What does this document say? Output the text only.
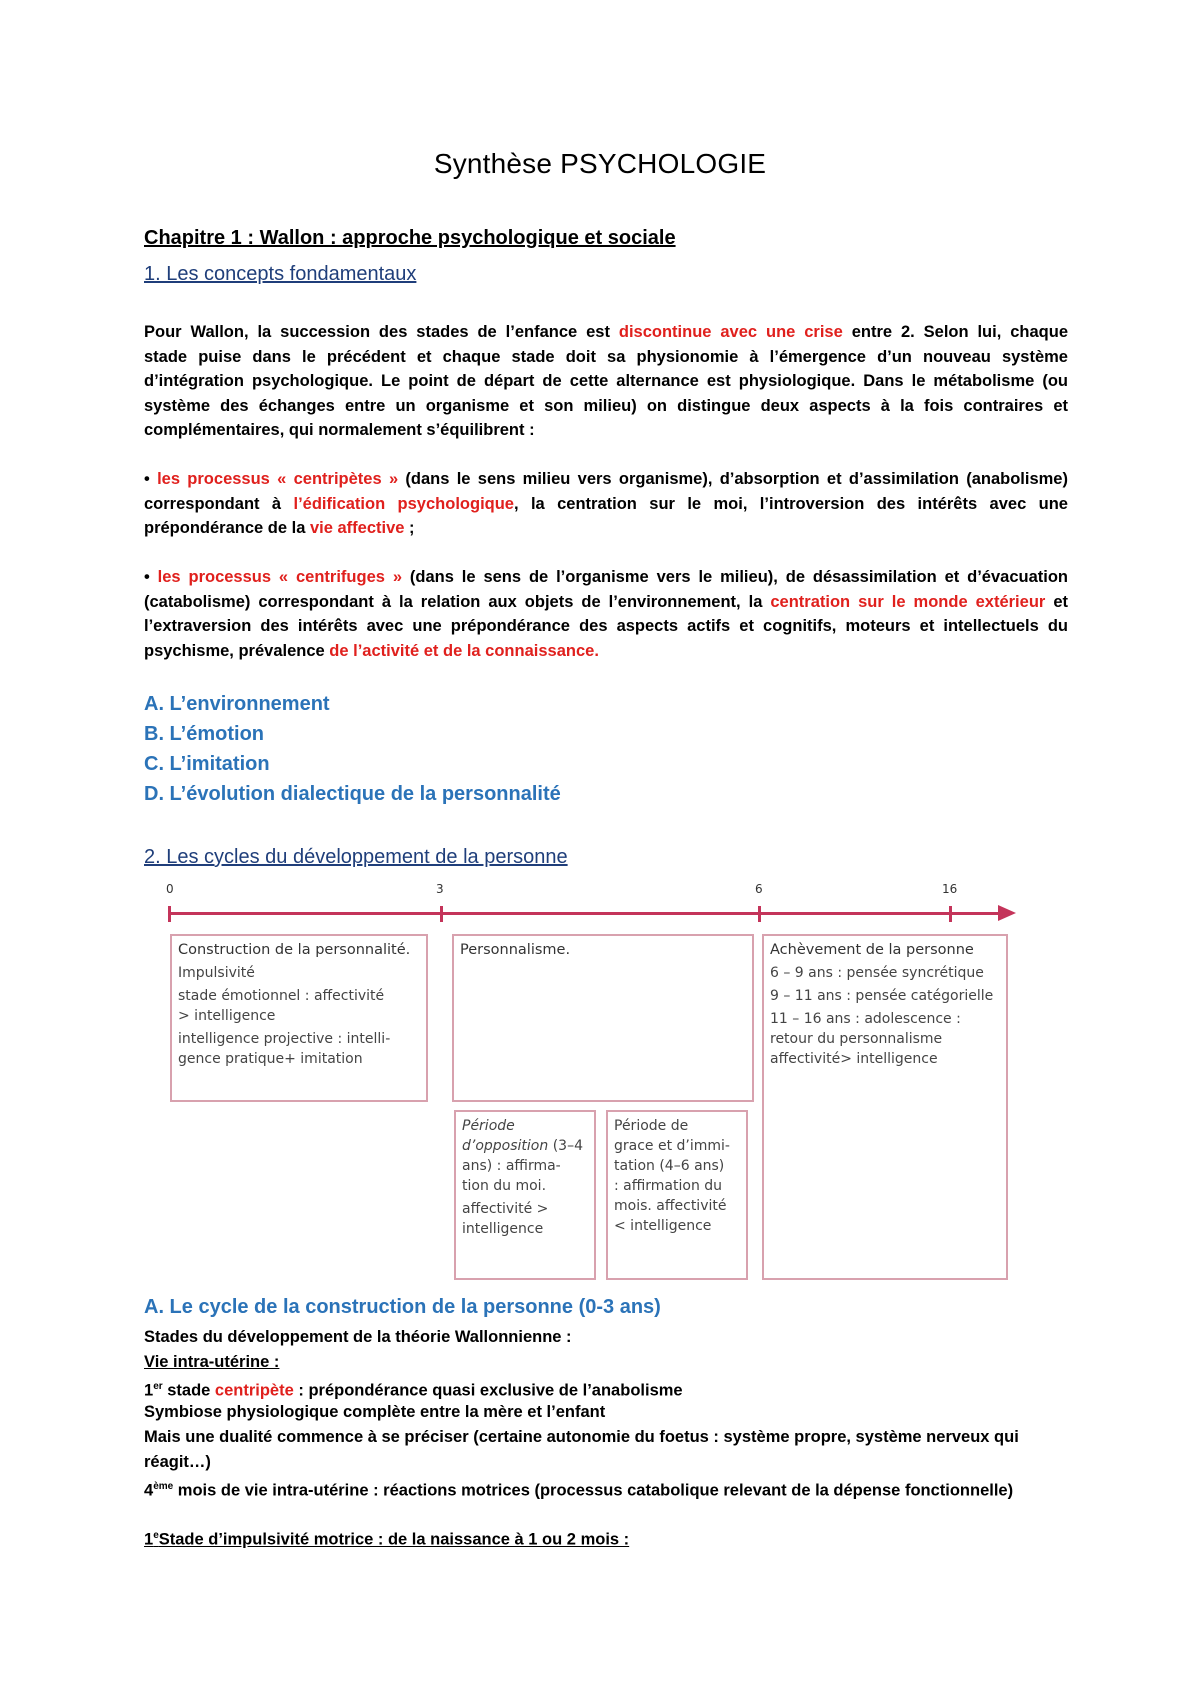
Synthèse PSYCHOLOGIE
Chapitre 1 : Wallon : approche psychologique et sociale
1. Les concepts fondamentaux
Pour Wallon, la succession des stades de l’enfance est discontinue avec une crise entre 2. Selon lui, chaque
stade puise dans le précédent et chaque stade doit sa physionomie à l’émergence d’un nouveau système
d’intégration psychologique. Le point de départ de cette alternance est physiologique. Dans le métabolisme (ou
système des échanges entre un organisme et son milieu) on distingue deux aspects à la fois contraires et
complémentaires, qui normalement s’équilibrent :
• les processus « centripètes » (dans le sens milieu vers organisme), d’absorption et d’assimilation (anabolisme)
correspondant à l’édification psychologique, la centration sur le moi, l’introversion des intérêts avec une
prépondérance de la vie affective ;
• les processus « centrifuges » (dans le sens de l’organisme vers le milieu), de désassimilation et d’évacuation
(catabolisme) correspondant à la relation aux objets de l’environnement, la centration sur le monde extérieur et
l’extraversion des intérêts avec une prépondérance des aspects actifs et cognitifs, moteurs et intellectuels du
psychisme, prévalence de l’activité et de la connaissance.
A. L’environnement
B. L’émotion
C. L’imitation
D. L’évolution dialectique de la personnalité
2. Les cycles du développement de la personne
0	3	6	16
Construction de la personnalité.

Impulsivité

stade émotionnel : affectivité

> intelligence

intelligence projective : intelli-

gence pratique+ imitation

Personnalisme.	Achèvement de la personne

6 – 9 ans : pensée syncrétique

9 – 11 ans : pensée catégorielle

11 – 16 ans : adolescence :

retour du personnalisme

affectivité> intelligence

Période

d’opposition (3–4

ans) : affirma-

tion du moi.

affectivité >

intelligence

Période de

grace et d’immi-

tation (4–6 ans)

: affirmation du

mois. affectivité

< intelligence

A. Le cycle de la construction de la personne (0-3 ans)
Stades du développement de la théorie Wallonnienne :
Vie intra-utérine :
1er stade centripète : prépondérance quasi exclusive de l’anabolisme
Symbiose physiologique complète entre la mère et l’enfant
Mais une dualité commence à se préciser (certaine autonomie du foetus : système propre, système nerveux qui
réagit…)
4ème mois de vie intra-utérine : réactions motrices (processus catabolique relevant de la dépense fonctionnelle)
1eStade d’impulsivité motrice : de la naissance à 1 ou 2 mois :
